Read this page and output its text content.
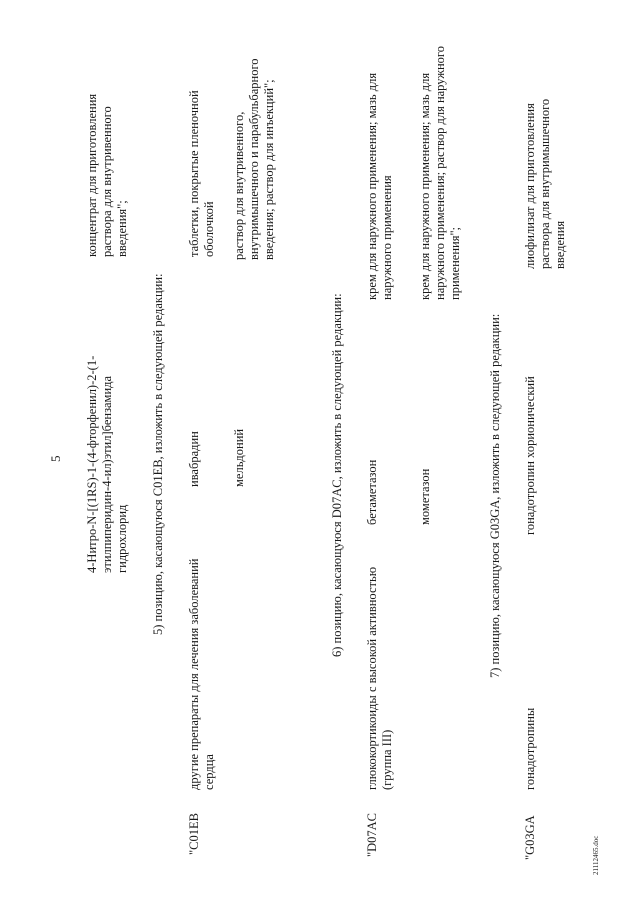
5 4-Нитро-N-[(1RS)-1-(4-фторфенил)-2-(1-этилпиперидин-4-ил)этил]бензамида гидрохлорид
концентрат для приготовления раствора для внутривенного введения";
5) позицию, касающуюся C01EB, изложить в следующей редакции:
"C01EB
другие препараты для лечения заболеваний сердца
ивабрадин
таблетки, покрытые пленочной оболочкой
мельдоний
раствор для внутривенного, внутримышечного и парабульбарного введения; раствор для инъекций";
6) позицию, касающуюся D07AC, изложить в следующей редакции:
"D07AC
глюкокортикоиды с высокой активностью (группа III)
бетаметазон
крем для наружного применения; мазь для наружного применения
мометазон
крем для наружного применения; мазь для наружного применения; раствор для наружного применения";
7) позицию, касающуюся G03GA, изложить в следующей редакции:
"G03GA
гонадотропины
гонадотропин хорионический
лиофилизат для приготовления раствора для внутримышечного введения
21112465.doc
